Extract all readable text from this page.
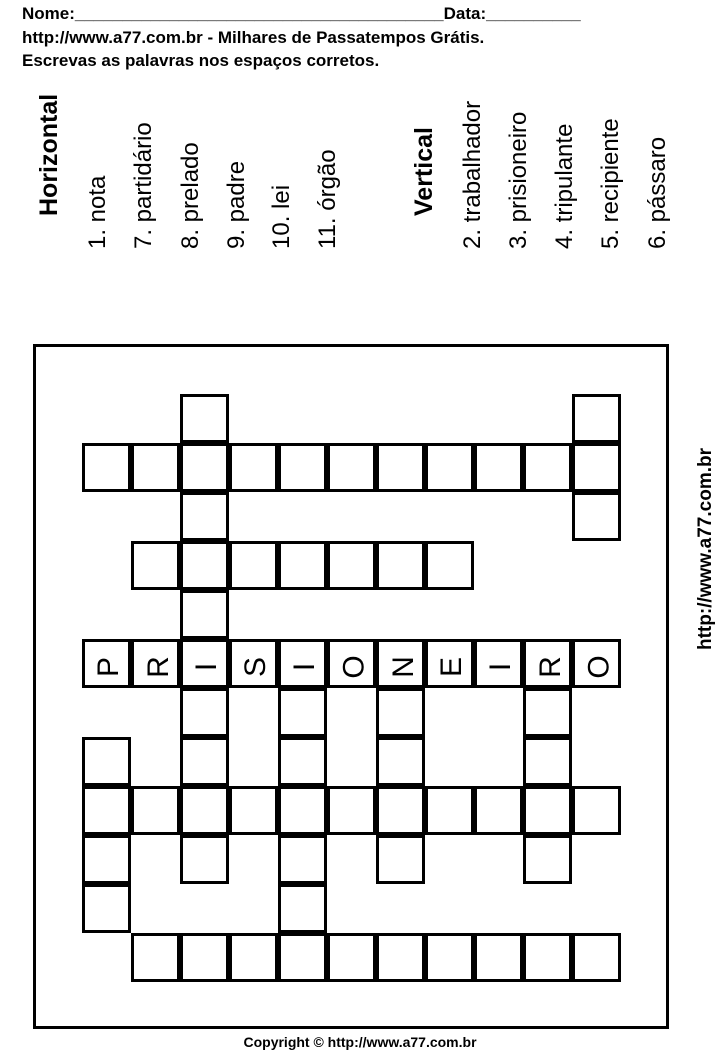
Nome:_______________________________________Data:__________
http://www.a77.com.br - Milhares de Passatempos Grátis.
Escrevas as palavras nos espaços corretos.
Horizontal 1. nota 7. partidário 8. prelado 9. padre 10. lei 11. órgão	Vertical 2. trabalhador 3. prisioneiro 4. tripulante 5. recipiente 6. pássaro
http://www.a77.com.br
P R I S I O N E I R O
Copyright © http://www.a77.com.br
